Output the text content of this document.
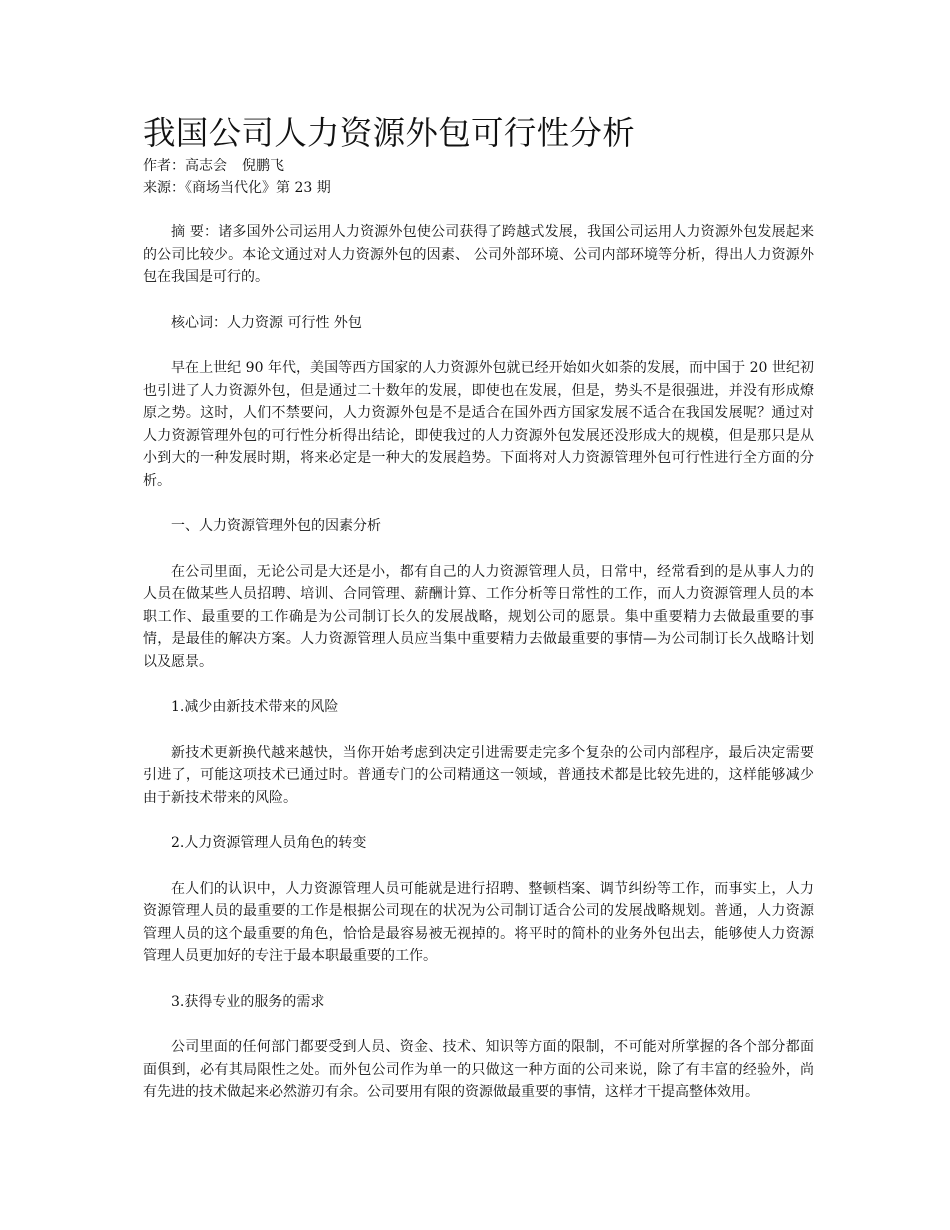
我国公司人力资源外包可行性分析

作者：高志会 倪鹏飞

来源：《商场当代化》第 23 期

摘 要：诸多国外公司运用人力资源外包使公司获得了跨越式发展，我国公司运用人力资源外包发展起来的公司比较少。本论文通过对人力资源外包的因素、 公司外部环境、公司内部环境等分析，得出人力资源外包在我国是可行的。

核心词：人力资源 可行性 外包

早在上世纪 90 年代，美国等西方国家的人力资源外包就已经开始如火如荼的发展，而中国于 20 世纪初也引进了人力资源外包，但是通过二十数年的发展，即使也在发展，但是，势头不是很强进，并没有形成燎原之势。这时，人们不禁要问，人力资源外包是不是适合在国外西方国家发展不适合在我国发展呢？通过对人力资源管理外包的可行性分析得出结论，即使我过的人力资源外包发展还没形成大的规模，但是那只是从小到大的一种发展时期，将来必定是一种大的发展趋势。下面将对人力资源管理外包可行性进行全方面的分析。

一、人力资源管理外包的因素分析

在公司里面，无论公司是大还是小，都有自己的人力资源管理人员，日常中，经常看到的是从事人力的人员在做某些人员招聘、培训、合同管理、薪酬计算、工作分析等日常性的工作，而人力资源管理人员的本职工作、最重要的工作确是为公司制订长久的发展战略，规划公司的愿景。集中重要精力去做最重要的事情，是最佳的解决方案。人力资源管理人员应当集中重要精力去做最重要的事情—为公司制订长久战略计划以及愿景。

1.减少由新技术带来的风险

新技术更新换代越来越快，当你开始考虑到决定引进需要走完多个复杂的公司内部程序，最后决定需要引进了，可能这项技术已通过时。普通专门的公司精通这一领域，普通技术都是比较先进的，这样能够减少由于新技术带来的风险。

2.人力资源管理人员角色的转变

在人们的认识中，人力资源管理人员可能就是进行招聘、整顿档案、调节纠纷等工作，而事实上，人力资源管理人员的最重要的工作是根据公司现在的状况为公司制订适合公司的发展战略规划。普通，人力资源管理人员的这个最重要的角色，恰恰是最容易被无视掉的。将平时的简朴的业务外包出去，能够使人力资源管理人员更加好的专注于最本职最重要的工作。

3.获得专业的服务的需求

公司里面的任何部门都要受到人员、资金、技术、知识等方面的限制，不可能对所掌握的各个部分都面面俱到，必有其局限性之处。而外包公司作为单一的只做这一种方面的公司来说，除了有丰富的经验外，尚有先进的技术做起来必然游刃有余。公司要用有限的资源做最重要的事情，这样才干提高整体效用。
